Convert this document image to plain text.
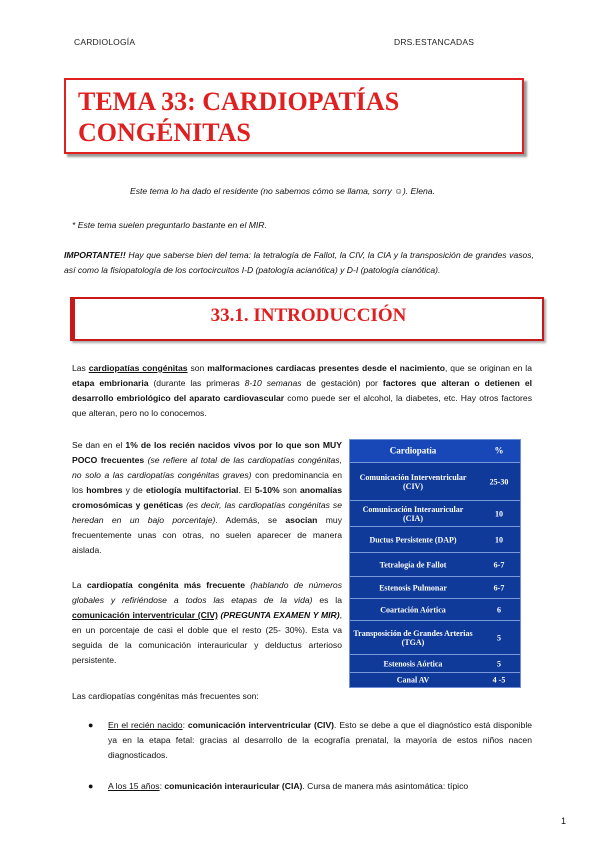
CARDIOLOGÍA	DRS.ESTANCADAS
TEMA 33: CARDIOPATÍAS
CONGÉNITAS
Este tema lo ha dado el residente (no sabemos cómo se llama, sorry ☺). Elena.
* Este tema suelen preguntarlo bastante en el MIR.
IMPORTANTE!! Hay que saberse bien del tema: la tetralogía de Fallot, la CIV, la CIA y la transposición de grandes vasos, así como la fisiopatología de los cortocircuitos I-D (patología acianótica) y D-I (patología cianótica).
33.1. INTRODUCCIÓN
Las cardiopatías congénitas son malformaciones cardiacas presentes desde el nacimiento, que se originan en la etapa embrionaria (durante las primeras 8-10 semanas de gestación) por factores que alteran o detienen el desarrollo embriológico del aparato cardiovascular como puede ser el alcohol, la diabetes, etc. Hay otros factores que alteran, pero no lo conocemos.
Se dan en el 1% de los recién nacidos vivos por lo que son MUY POCO frecuentes (se refiere al total de las cardiopatías congénitas, no solo a las cardiopatías congénitas graves) con predominancia en los hombres y de etiología multifactorial. El 5-10% son anomalías cromosómicas y genéticas (es decir, las cardiopatías congénitas se heredan en un bajo porcentaje). Además, se asocian muy frecuentemente unas con otras, no suelen aparecer de manera aislada.
La cardiopatía congénita más frecuente (hablando de números globales y refiriéndose a todos las etapas de la vida) es la comunicación interventricular (CIV) (PREGUNTA EXAMEN Y MIR), en un porcentaje de casi el doble que el resto (25- 30%). Esta va seguida de la comunicación interauricular y delductus arterioso persistente.
Cardiopatía	%
Comunicación Interventricular (CIV)	25-30
Comunicación Interauricular (CIA)	10
Ductus Persistente (DAP)	10
Tetralogía de Fallot	6-7
Estenosis Pulmonar	6-7
Coartación Aórtica	6
Transposición de Grandes Arterias (TGA)	5
Estenosis Aórtica	5
Canal AV	4 -5
Las cardiopatías congénitas más frecuentes son:
● En el recién nacido: comunicación interventricular (CIV). Esto se debe a que el diagnóstico está disponible ya en la etapa fetal: gracias al desarrollo de la ecografía prenatal, la mayoría de estos niños nacen diagnosticados.
● A los 15 años: comunicación interauricular (CIA). Cursa de manera más asintomática: típico
1
